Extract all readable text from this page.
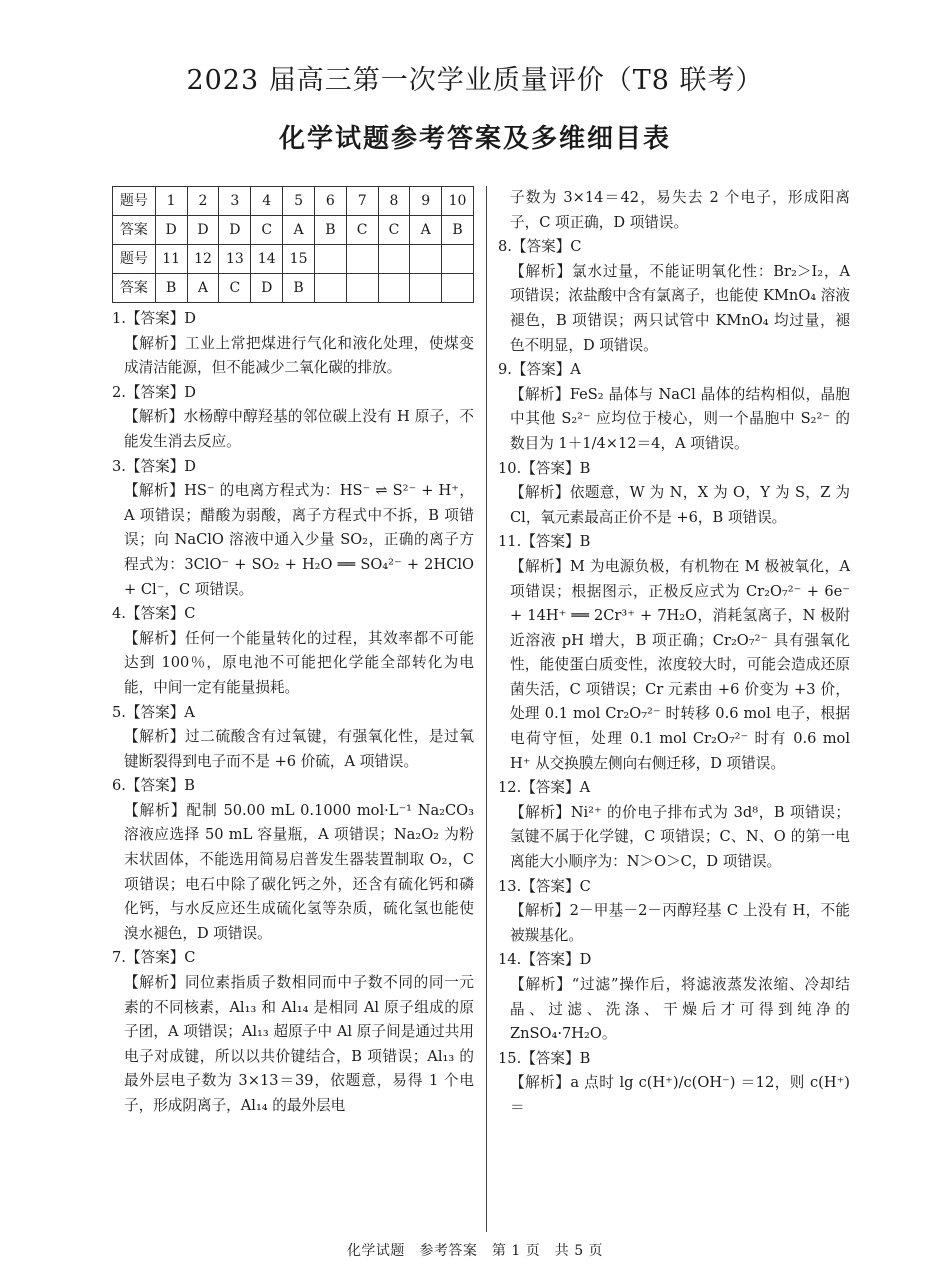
2023 届高三第一次学业质量评价（T8 联考）
化学试题参考答案及多维细目表
题号	1	2	3	4	5	6	7	8	9	10
答案	D	D	D	C	A	B	C	C	A	B
题号	11	12	13	14	15					
答案	B	A	C	D	B					

1.【答案】D

【解析】工业上常把煤进行气化和液化处理，使煤变成清洁能源，但不能减少二氧化碳的排放。

2.【答案】D

【解析】水杨醇中醇羟基的邻位碳上没有 H 原子，不能发生消去反应。

3.【答案】D

【解析】HS⁻ 的电离方程式为：HS⁻ ⇌ S²⁻ + H⁺，A 项错误；醋酸为弱酸，离子方程式中不拆，B 项错误；向 NaClO 溶液中通入少量 SO₂，正确的离子方程式为：3ClO⁻ + SO₂ + H₂O ══ SO₄²⁻ + 2HClO + Cl⁻，C 项错误。

4.【答案】C

【解析】任何一个能量转化的过程，其效率都不可能达到 100％，原电池不可能把化学能全部转化为电能，中间一定有能量损耗。

5.【答案】A

【解析】过二硫酸含有过氧键，有强氧化性，是过氧键断裂得到电子而不是 +6 价硫，A 项错误。

6.【答案】B

【解析】配制 50.00 mL 0.1000 mol·L⁻¹ Na₂CO₃ 溶液应选择 50 mL 容量瓶，A 项错误；Na₂O₂ 为粉末状固体，不能选用简易启普发生器装置制取 O₂，C 项错误；电石中除了碳化钙之外，还含有硫化钙和磷化钙，与水反应还生成硫化氢等杂质，硫化氢也能使溴水褪色，D 项错误。

7.【答案】C

【解析】同位素指质子数相同而中子数不同的同一元素的不同核素，Al₁₃ 和 Al₁₄ 是相同 Al 原子组成的原子团，A 项错误；Al₁₃ 超原子中 Al 原子间是通过共用电子对成键，所以以共价键结合，B 项错误；Al₁₃ 的最外层电子数为 3×13＝39，依题意，易得 1 个电子，形成阴离子，Al₁₄ 的最外层电

子数为 3×14＝42，易失去 2 个电子，形成阳离子，C 项正确，D 项错误。

8.【答案】C

【解析】氯水过量，不能证明氧化性：Br₂＞I₂，A 项错误；浓盐酸中含有氯离子，也能使 KMnO₄ 溶液褪色，B 项错误；两只试管中 KMnO₄ 均过量，褪色不明显，D 项错误。

9.【答案】A

【解析】FeS₂ 晶体与 NaCl 晶体的结构相似，晶胞中其他 S₂²⁻ 应均位于棱心，则一个晶胞中 S₂²⁻ 的数目为 1＋1/4×12＝4，A 项错误。

10.【答案】B

【解析】依题意，W 为 N，X 为 O，Y 为 S，Z 为 Cl，氧元素最高正价不是 +6，B 项错误。

11.【答案】B

【解析】M 为电源负极，有机物在 M 极被氧化，A 项错误；根据图示，正极反应式为 Cr₂O₇²⁻ + 6e⁻ + 14H⁺ ══ 2Cr³⁺ + 7H₂O，消耗氢离子，N 极附近溶液 pH 增大，B 项正确；Cr₂O₇²⁻ 具有强氧化性，能使蛋白质变性，浓度较大时，可能会造成还原菌失活，C 项错误；Cr 元素由 +6 价变为 +3 价，处理 0.1 mol Cr₂O₇²⁻ 时转移 0.6 mol 电子，根据电荷守恒，处理 0.1 mol Cr₂O₇²⁻ 时有 0.6 mol H⁺ 从交换膜左侧向右侧迁移，D 项错误。

12.【答案】A

【解析】Ni²⁺ 的价电子排布式为 3d⁸，B 项错误；氢键不属于化学键，C 项错误；C、N、O 的第一电离能大小顺序为：N＞O＞C，D 项错误。

13.【答案】C

【解析】2－甲基－2－丙醇羟基 C 上没有 H，不能被羰基化。

14.【答案】D

【解析】“过滤”操作后，将滤液蒸发浓缩、冷却结晶、过滤、洗涤、干燥后才可得到纯净的 ZnSO₄·7H₂O。

15.【答案】B

【解析】a 点时 lg c(H⁺)/c(OH⁻) ＝12，则 c(H⁺)＝

化学试题　参考答案　第 1 页　共 5 页
